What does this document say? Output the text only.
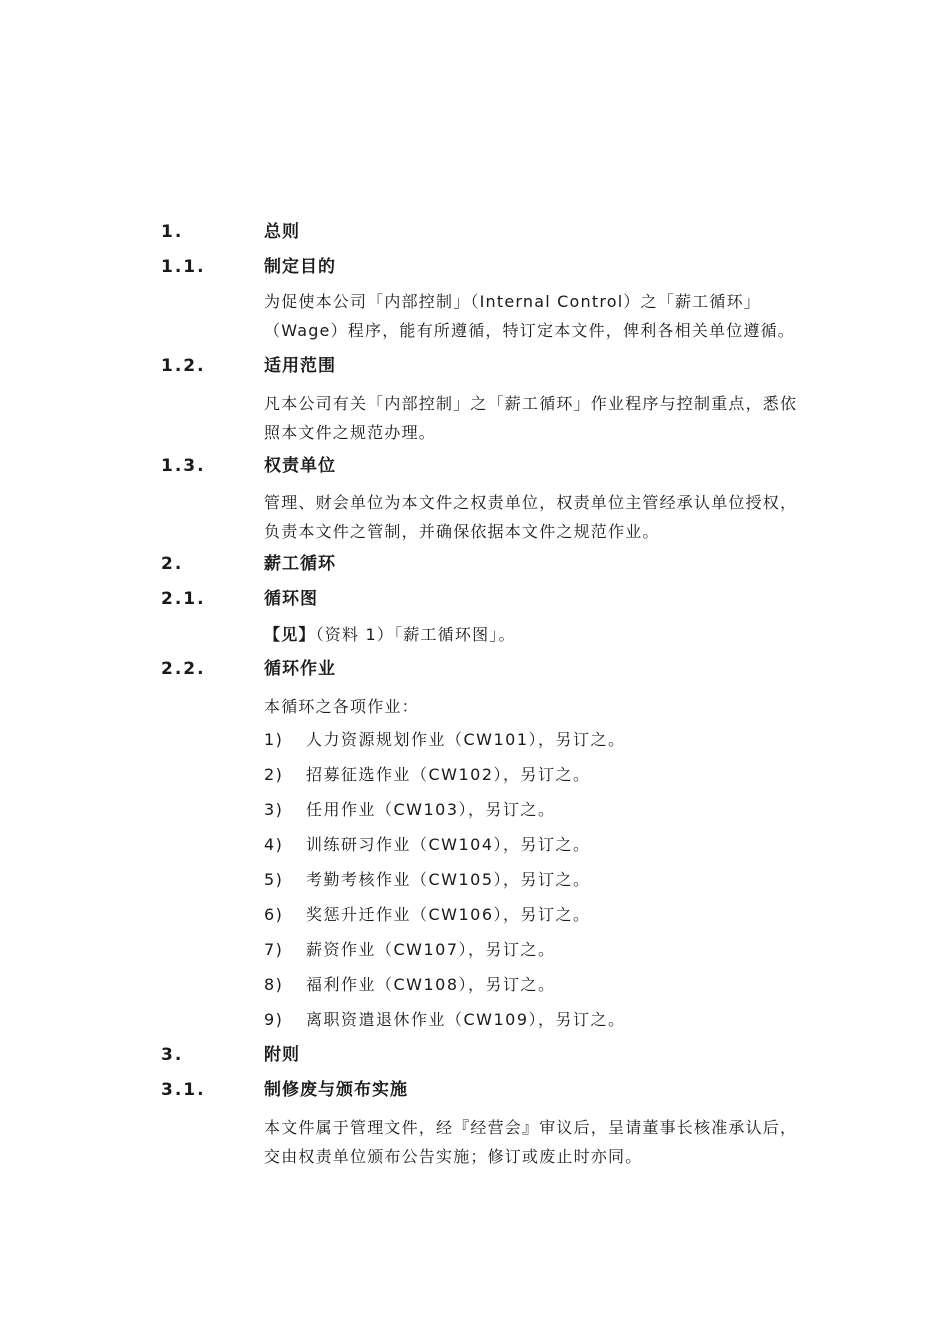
1.	总则
1.1.	制定目的
为促使本公司「内部控制」（Internal Control）之「薪工循环」
（Wage）程序，能有所遵循，特订定本文件，俾利各相关单位遵循。
1.2.	适用范围
凡本公司有关「内部控制」之「薪工循环」作业程序与控制重点，悉依
照本文件之规范办理。
1.3.	权责单位
管理、财会单位为本文件之权责单位，权责单位主管经承认单位授权，
负责本文件之管制，并确保依据本文件之规范作业。
2.	薪工循环
2.1.	循环图
【见】（资料 1）「薪工循环图」。
2.2.	循环作业
本循环之各项作业：
1) 人力资源规划作业（CW101），另订之。
2) 招募征选作业（CW102），另订之。
3) 任用作业（CW103），另订之。
4) 训练研习作业（CW104），另订之。
5) 考勤考核作业（CW105），另订之。
6) 奖惩升迁作业（CW106），另订之。
7) 薪资作业（CW107），另订之。
8) 福利作业（CW108），另订之。
9) 离职资遣退休作业（CW109），另订之。
3.	附则
3.1.	制修废与颁布实施
本文件属于管理文件，经『经营会』审议后，呈请董事长核准承认后，
交由权责单位颁布公告实施；修订或废止时亦同。
